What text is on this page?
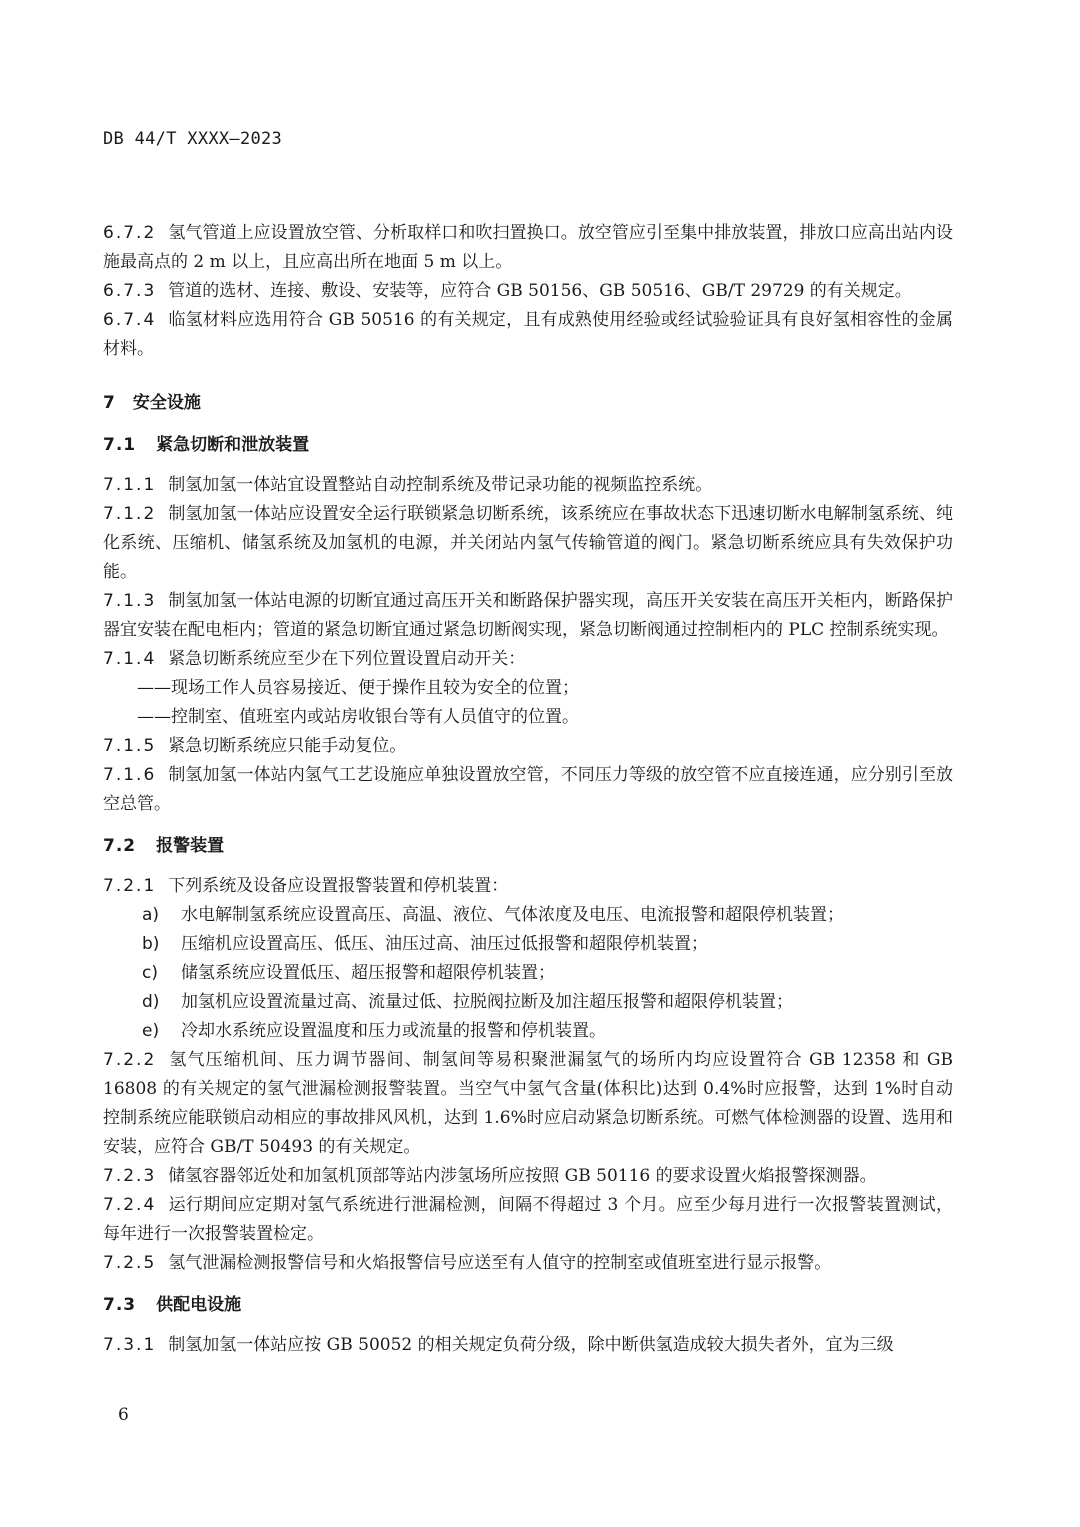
DB 44/T XXXX—2023

6.7.2 氢气管道上应设置放空管、分析取样口和吹扫置换口。放空管应引至集中排放装置，排放口应高出站内设施最高点的 2 m 以上，且应高出所在地面 5 m 以上。

6.7.3 管道的选材、连接、敷设、安装等，应符合 GB 50156、GB 50516、GB/T 29729 的有关规定。

6.7.4 临氢材料应选用符合 GB 50516 的有关规定，且有成熟使用经验或经试验验证具有良好氢相容性的金属材料。

7 安全设施
7.1 紧急切断和泄放装置

7.1.1 制氢加氢一体站宜设置整站自动控制系统及带记录功能的视频监控系统。

7.1.2 制氢加氢一体站应设置安全运行联锁紧急切断系统，该系统应在事故状态下迅速切断水电解制氢系统、纯化系统、压缩机、储氢系统及加氢机的电源，并关闭站内氢气传输管道的阀门。紧急切断系统应具有失效保护功能。

7.1.3 制氢加氢一体站电源的切断宜通过高压开关和断路保护器实现，高压开关安装在高压开关柜内，断路保护器宜安装在配电柜内；管道的紧急切断宜通过紧急切断阀实现，紧急切断阀通过控制柜内的 PLC 控制系统实现。

7.1.4 紧急切断系统应至少在下列位置设置启动开关：

——现场工作人员容易接近、便于操作且较为安全的位置；

——控制室、值班室内或站房收银台等有人员值守的位置。

7.1.5 紧急切断系统应只能手动复位。

7.1.6 制氢加氢一体站内氢气工艺设施应单独设置放空管，不同压力等级的放空管不应直接连通，应分别引至放空总管。

7.2 报警装置

7.2.1 下列系统及设备应设置报警装置和停机装置：

a) 水电解制氢系统应设置高压、高温、液位、气体浓度及电压、电流报警和超限停机装置；

b) 压缩机应设置高压、低压、油压过高、油压过低报警和超限停机装置；

c) 储氢系统应设置低压、超压报警和超限停机装置；

d) 加氢机应设置流量过高、流量过低、拉脱阀拉断及加注超压报警和超限停机装置；

e) 冷却水系统应设置温度和压力或流量的报警和停机装置。

7.2.2 氢气压缩机间、压力调节器间、制氢间等易积聚泄漏氢气的场所内均应设置符合 GB 12358 和 GB 16808 的有关规定的氢气泄漏检测报警装置。当空气中氢气含量(体积比)达到 0.4%时应报警，达到 1%时自动控制系统应能联锁启动相应的事故排风风机，达到 1.6%时应启动紧急切断系统。可燃气体检测器的设置、选用和安装，应符合 GB/T 50493 的有关规定。

7.2.3 储氢容器邻近处和加氢机顶部等站内涉氢场所应按照 GB 50116 的要求设置火焰报警探测器。

7.2.4 运行期间应定期对氢气系统进行泄漏检测，间隔不得超过 3 个月。应至少每月进行一次报警装置测试，每年进行一次报警装置检定。

7.2.5 氢气泄漏检测报警信号和火焰报警信号应送至有人值守的控制室或值班室进行显示报警。

7.3 供配电设施

7.3.1 制氢加氢一体站应按 GB 50052 的相关规定负荷分级，除中断供氢造成较大损失者外，宜为三级

6
